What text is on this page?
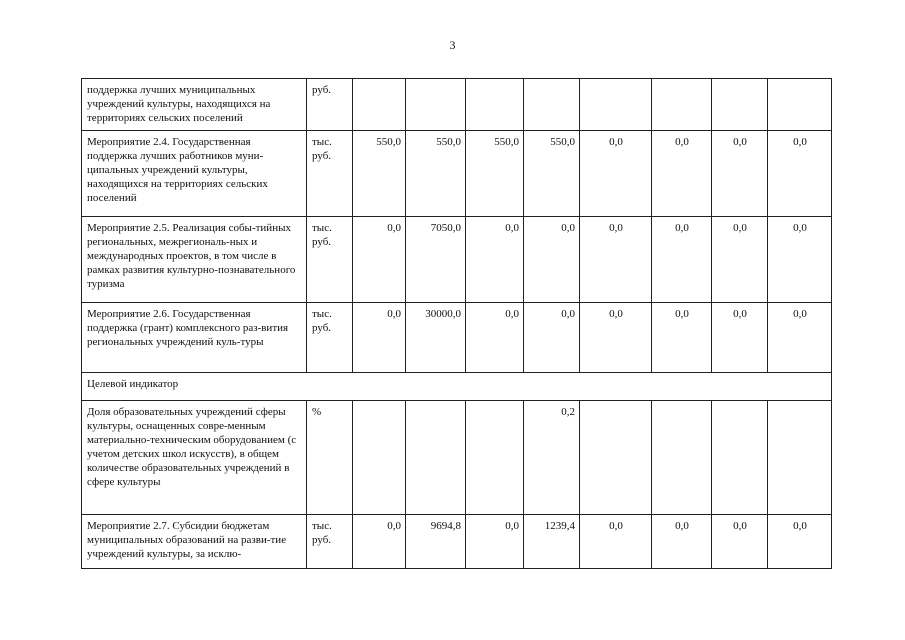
3
поддержка лучших муниципальных учреждений культуры, находящихся на территориях сельских поселений	руб.								
Мероприятие 2.4. Государственная поддержка лучших работников муни-ципальных учреждений культуры, находящихся на территориях сельских поселений	тыс. руб.	550,0	550,0	550,0	550,0	0,0	0,0	0,0	0,0
Мероприятие 2.5. Реализация собы-тийных региональных, межрегиональ-ных и международных проектов, в том числе в рамках развития культурно-познавательного туризма	тыс. руб.	0,0	7050,0	0,0	0,0	0,0	0,0	0,0	0,0
Мероприятие 2.6. Государственная поддержка (грант) комплексного раз-вития региональных учреждений куль-туры	тыс. руб.	0,0	30000,0	0,0	0,0	0,0	0,0	0,0	0,0
Целевой индикатор									
Доля образовательных учреждений сферы культуры, оснащенных совре-менным материально-техническим оборудованием (с учетом детских школ искусств), в общем количестве образовательных учреждений в сфере культуры	%				0,2				
Мероприятие 2.7. Субсидии бюджетам муниципальных образований на разви-тие учреждений культуры, за исклю-	тыс. руб.	0,0	9694,8	0,0	1239,4	0,0	0,0	0,0	0,0
